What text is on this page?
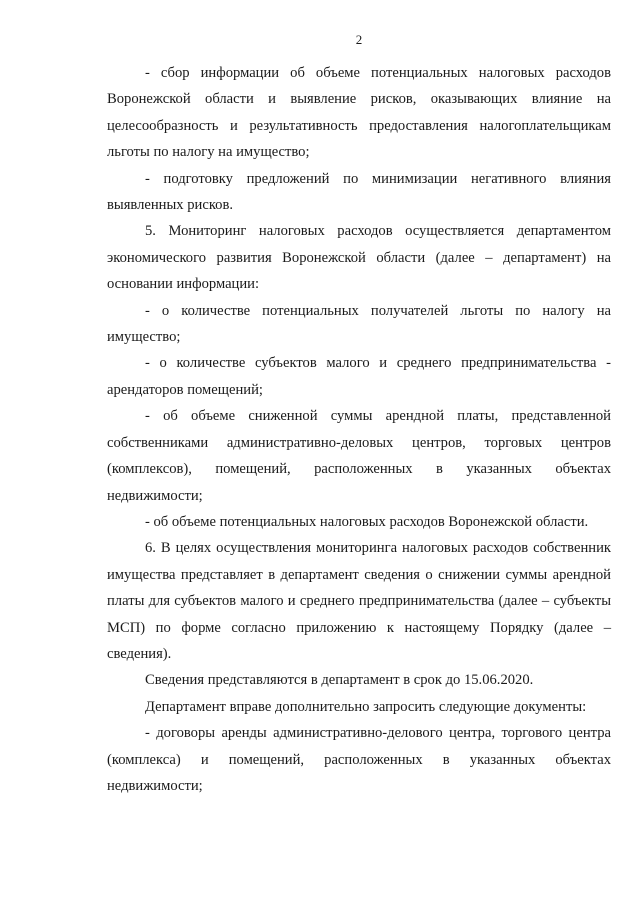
2

- сбор информации об объеме потенциальных налоговых расходов Воронежской области и выявление рисков, оказывающих влияние на целесообразность и результативность предоставления налогоплательщикам льготы по налогу на имущество;

- подготовку предложений по минимизации негативного влияния выявленных рисков.

5. Мониторинг налоговых расходов осуществляется департаментом экономического развития Воронежской области (далее – департамент) на основании информации:

- о количестве потенциальных получателей льготы по налогу на имущество;

- о количестве субъектов малого и среднего предпринимательства - арендаторов помещений;

- об объеме сниженной суммы арендной платы, представленной собственниками административно-деловых центров, торговых центров (комплексов), помещений, расположенных в указанных объектах недвижимости;

- об объеме потенциальных налоговых расходов Воронежской области.

6. В целях осуществления мониторинга налоговых расходов собственник имущества представляет в департамент сведения о снижении суммы арендной платы для субъектов малого и среднего предпринимательства (далее – субъекты МСП) по форме согласно приложению к настоящему Порядку (далее – сведения).

Сведения представляются в департамент в срок до 15.06.2020.

Департамент вправе дополнительно запросить следующие документы:

- договоры аренды административно-делового центра, торгового центра (комплекса) и помещений, расположенных в указанных объектах недвижимости;
